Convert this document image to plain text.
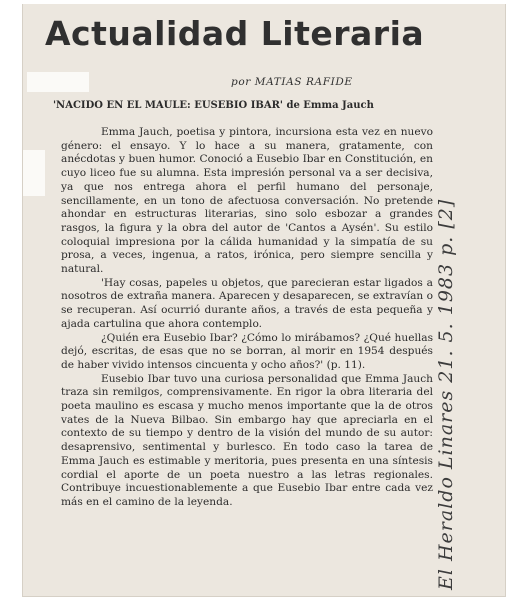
Actualidad Literaria
por MATIAS RAFIDE
'NACIDO EN EL MAULE: EUSEBIO IBAR' de Emma Jauch

Emma Jauch, poetisa y pintora, incursiona esta vez en nuevo género: el ensayo. Y lo hace a su manera, gratamente, con anécdotas y buen humor. Conoció a Eusebio Ibar en Constitución, en cuyo liceo fue su alumna. Esta impresión personal va a ser decisiva, ya que nos entrega ahora el perfil humano del personaje, sencillamente, en un tono de afectuosa conversación. No pretende ahondar en estructuras literarias, sino solo esbozar a grandes rasgos, la figura y la obra del autor de 'Cantos a Aysén'. Su estilo coloquial impresiona por la cálida humanidad y la simpatía de su prosa, a veces, ingenua, a ratos, irónica, pero siempre sencilla y natural.

'Hay cosas, papeles u objetos, que parecieran estar ligados a nosotros de extraña manera. Aparecen y desaparecen, se extravían o se recuperan. Así ocurrió durante años, a través de esta pequeña y ajada cartulina que ahora contemplo.

¿Quién era Eusebio Ibar? ¿Cómo lo mirábamos? ¿Qué huellas dejó, escritas, de esas que no se borran, al morir en 1954 después de haber vivido intensos cincuenta y ocho años?' (p. 11).

Eusebio Ibar tuvo una curiosa personalidad que Emma Jauch traza sin remilgos, comprensivamente. En rigor la obra literaria del poeta maulino es escasa y mucho menos importante que la de otros vates de la Nueva Bilbao. Sin embargo hay que apreciarla en el contexto de su tiempo y dentro de la visión del mundo de su autor: desaprensivo, sentimental y burlesco. En todo caso la tarea de Emma Jauch es estimable y meritoria, pues presenta en una síntesis cordial el aporte de un poeta nuestro a las letras regionales. Contribuye incuestionablemente a que Eusebio Ibar entre cada vez más en el camino de la leyenda.	El Heraldo Linares 21. 5. 1983 p. [2]
